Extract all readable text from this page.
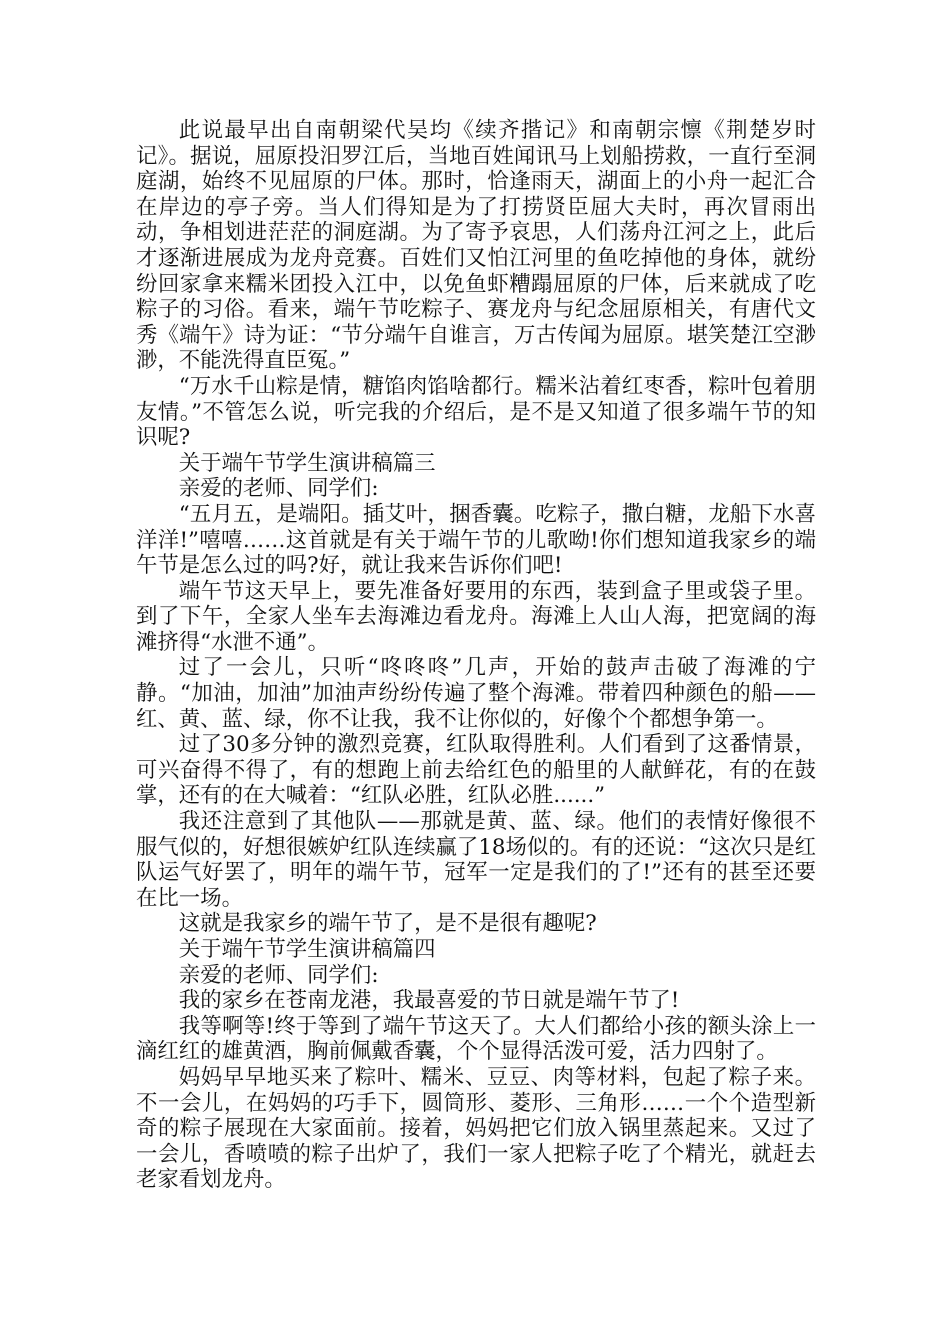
此说最早出自南朝梁代吴均《续齐揩记》和南朝宗懔《荆楚岁时记》。据说，屈原投汨罗江后，当地百姓闻讯马上划船捞救，一直行至洞庭湖，始终不见屈原的尸体。那时，恰逢雨天，湖面上的小舟一起汇合在岸边的亭子旁。当人们得知是为了打捞贤臣屈大夫时，再次冒雨出动，争相划进茫茫的洞庭湖。为了寄予哀思，人们荡舟江河之上，此后才逐渐进展成为龙舟竞赛。百姓们又怕江河里的鱼吃掉他的身体，就纷纷回家拿来糯米团投入江中，以免鱼虾糟蹋屈原的尸体，后来就成了吃粽子的习俗。看来，端午节吃粽子、赛龙舟与纪念屈原相关，有唐代文秀《端午》诗为证：“节分端午自谁言，万古传闻为屈原。堪笑楚江空渺渺，不能洗得直臣冤。”

“万水千山粽是情，糖馅肉馅啥都行。糯米沾着红枣香，粽叶包着朋友情。”不管怎么说，听完我的介绍后，是不是又知道了很多端午节的知识呢?

关于端午节学生演讲稿篇三

亲爱的老师、同学们:

“五月五，是端阳。插艾叶，捆香囊。吃粽子，撒白糖，龙船下水喜洋洋!”嘻嘻……这首就是有关于端午节的儿歌呦!你们想知道我家乡的端午节是怎么过的吗?好，就让我来告诉你们吧!

端午节这天早上，要先准备好要用的东西，装到盒子里或袋子里。到了下午，全家人坐车去海滩边看龙舟。海滩上人山人海，把宽阔的海滩挤得“水泄不通”。

过了一会儿，只听“咚咚咚”几声，开始的鼓声击破了海滩的宁静。“加油，加油”加油声纷纷传遍了整个海滩。带着四种颜色的船——红、黄、蓝、绿，你不让我，我不让你似的，好像个个都想争第一。

过了30多分钟的激烈竞赛，红队取得胜利。人们看到了这番情景，可兴奋得不得了，有的想跑上前去给红色的船里的人献鲜花，有的在鼓掌，还有的在大喊着：“红队必胜，红队必胜......”

我还注意到了其他队——那就是黄、蓝、绿。他们的表情好像很不服气似的，好想很嫉妒红队连续赢了18场似的。有的还说：“这次只是红队运气好罢了，明年的端午节，冠军一定是我们的了!”还有的甚至还要在比一场。

这就是我家乡的端午节了，是不是很有趣呢?

关于端午节学生演讲稿篇四

亲爱的老师、同学们:

我的家乡在苍南龙港，我最喜爱的节日就是端午节了!

我等啊等!终于等到了端午节这天了。大人们都给小孩的额头涂上一滴红红的雄黄酒，胸前佩戴香囊，个个显得活泼可爱，活力四射了。

妈妈早早地买来了粽叶、糯米、豆豆、肉等材料，包起了粽子来。不一会儿，在妈妈的巧手下，圆筒形、菱形、三角形……一个个造型新奇的粽子展现在大家面前。接着，妈妈把它们放入锅里蒸起来。又过了一会儿，香喷喷的粽子出炉了，我们一家人把粽子吃了个精光，就赶去老家看划龙舟。
